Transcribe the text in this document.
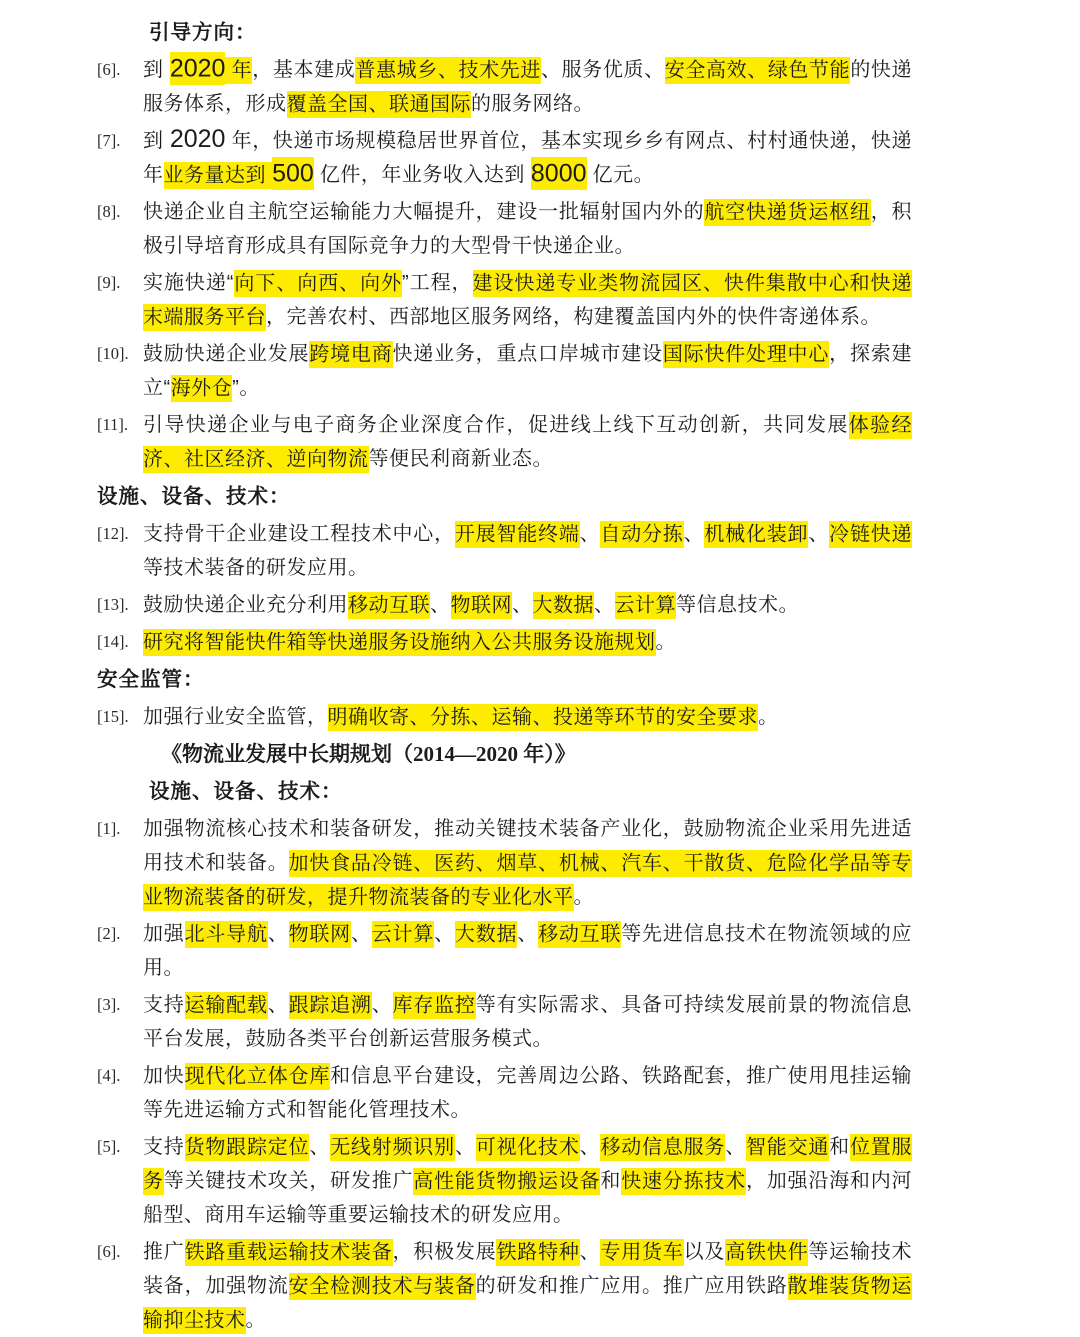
引导方向：
[6].	到 2020 年，基本建成普惠城乡、技术先进、服务优质、安全高效、绿色节能的快递服务体系，形成覆盖全国、联通国际的服务网络。
[7].	到 2020 年，快递市场规模稳居世界首位，基本实现乡乡有网点、村村通快递，快递年业务量达到 500 亿件，年业务收入达到 8000 亿元。
[8].	快递企业自主航空运输能力大幅提升，建设一批辐射国内外的航空快递货运枢纽，积极引导培育形成具有国际竞争力的大型骨干快递企业。
[9].	实施快递“向下、向西、向外”工程，建设快递专业类物流园区、快件集散中心和快递末端服务平台，完善农村、西部地区服务网络，构建覆盖国内外的快件寄递体系。
[10]. 鼓励快递企业发展跨境电商快递业务，重点口岸城市建设国际快件处理中心，探索建立“海外仓”。
[11]. 引导快递企业与电子商务企业深度合作，促进线上线下互动创新，共同发展体验经济、社区经济、逆向物流等便民利商新业态。
设施、设备、技术：
[12]. 支持骨干企业建设工程技术中心，开展智能终端、自动分拣、机械化装卸、冷链快递等技术装备的研发应用。
[13]. 鼓励快递企业充分利用移动互联、物联网、大数据、云计算等信息技术。
[14]. 研究将智能快件箱等快递服务设施纳入公共服务设施规划。
安全监管：
[15]. 加强行业安全监管，明确收寄、分拣、运输、投递等环节的安全要求。
《物流业发展中长期规划（2014—2020 年）》
设施、设备、技术：
[1].	加强物流核心技术和装备研发，推动关键技术装备产业化，鼓励物流企业采用先进适用技术和装备。加快食品冷链、医药、烟草、机械、汽车、干散货、危险化学品等专业物流装备的研发，提升物流装备的专业化水平。
[2].	加强北斗导航、物联网、云计算、大数据、移动互联等先进信息技术在物流领域的应用。
[3].	支持运输配载、跟踪追溯、库存监控等有实际需求、具备可持续发展前景的物流信息平台发展，鼓励各类平台创新运营服务模式。
[4].	加快现代化立体仓库和信息平台建设，完善周边公路、铁路配套，推广使用甩挂运输等先进运输方式和智能化管理技术。
[5].	支持货物跟踪定位、无线射频识别、可视化技术、移动信息服务、智能交通和位置服务等关键技术攻关，研发推广高性能货物搬运设备和快速分拣技术，加强沿海和内河船型、商用车运输等重要运输技术的研发应用。
[6].	推广铁路重载运输技术装备，积极发展铁路特种、专用货车以及高铁快件等运输技术装备，加强物流安全检测技术与装备的研发和推广应用。推广应用铁路散堆装货物运输抑尘技术。
